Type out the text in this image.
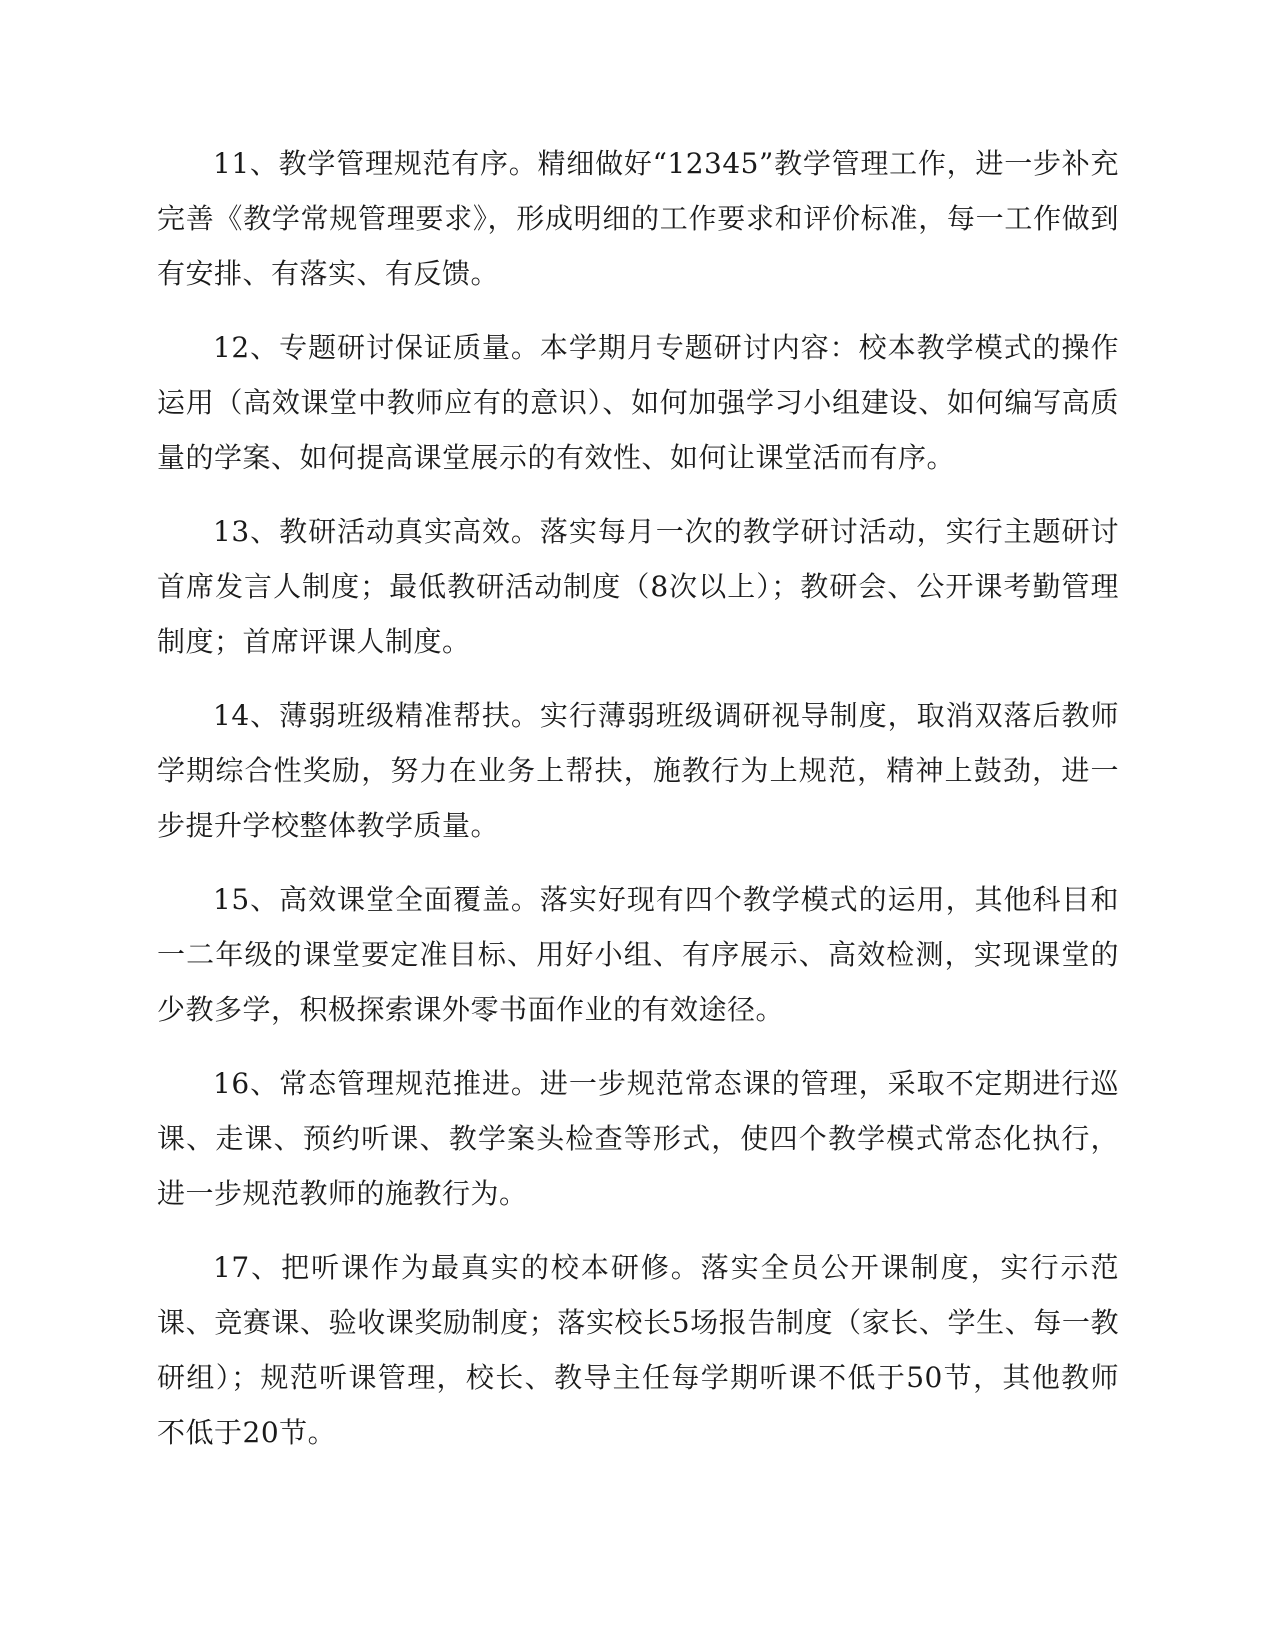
11、教学管理规范有序。精细做好“12345”教学管理工作，进一步补充完善《教学常规管理要求》，形成明细的工作要求和评价标准，每一工作做到有安排、有落实、有反馈。

12、专题研讨保证质量。本学期月专题研讨内容：校本教学模式的操作运用（高效课堂中教师应有的意识）、如何加强学习小组建设、如何编写高质量的学案、如何提高课堂展示的有效性、如何让课堂活而有序。

13、教研活动真实高效。落实每月一次的教学研讨活动，实行主题研讨首席发言人制度；最低教研活动制度（8次以上）；教研会、公开课考勤管理制度；首席评课人制度。

14、薄弱班级精准帮扶。实行薄弱班级调研视导制度，取消双落后教师学期综合性奖励，努力在业务上帮扶，施教行为上规范，精神上鼓劲，进一步提升学校整体教学质量。

15、高效课堂全面覆盖。落实好现有四个教学模式的运用，其他科目和一二年级的课堂要定准目标、用好小组、有序展示、高效检测，实现课堂的少教多学，积极探索课外零书面作业的有效途径。

16、常态管理规范推进。进一步规范常态课的管理，采取不定期进行巡课、走课、预约听课、教学案头检查等形式，使四个教学模式常态化执行，进一步规范教师的施教行为。

17、把听课作为最真实的校本研修。落实全员公开课制度，实行示范课、竞赛课、验收课奖励制度；落实校长5场报告制度（家长、学生、每一教研组）；规范听课管理，校长、教导主任每学期听课不低于50节，其他教师不低于20节。
